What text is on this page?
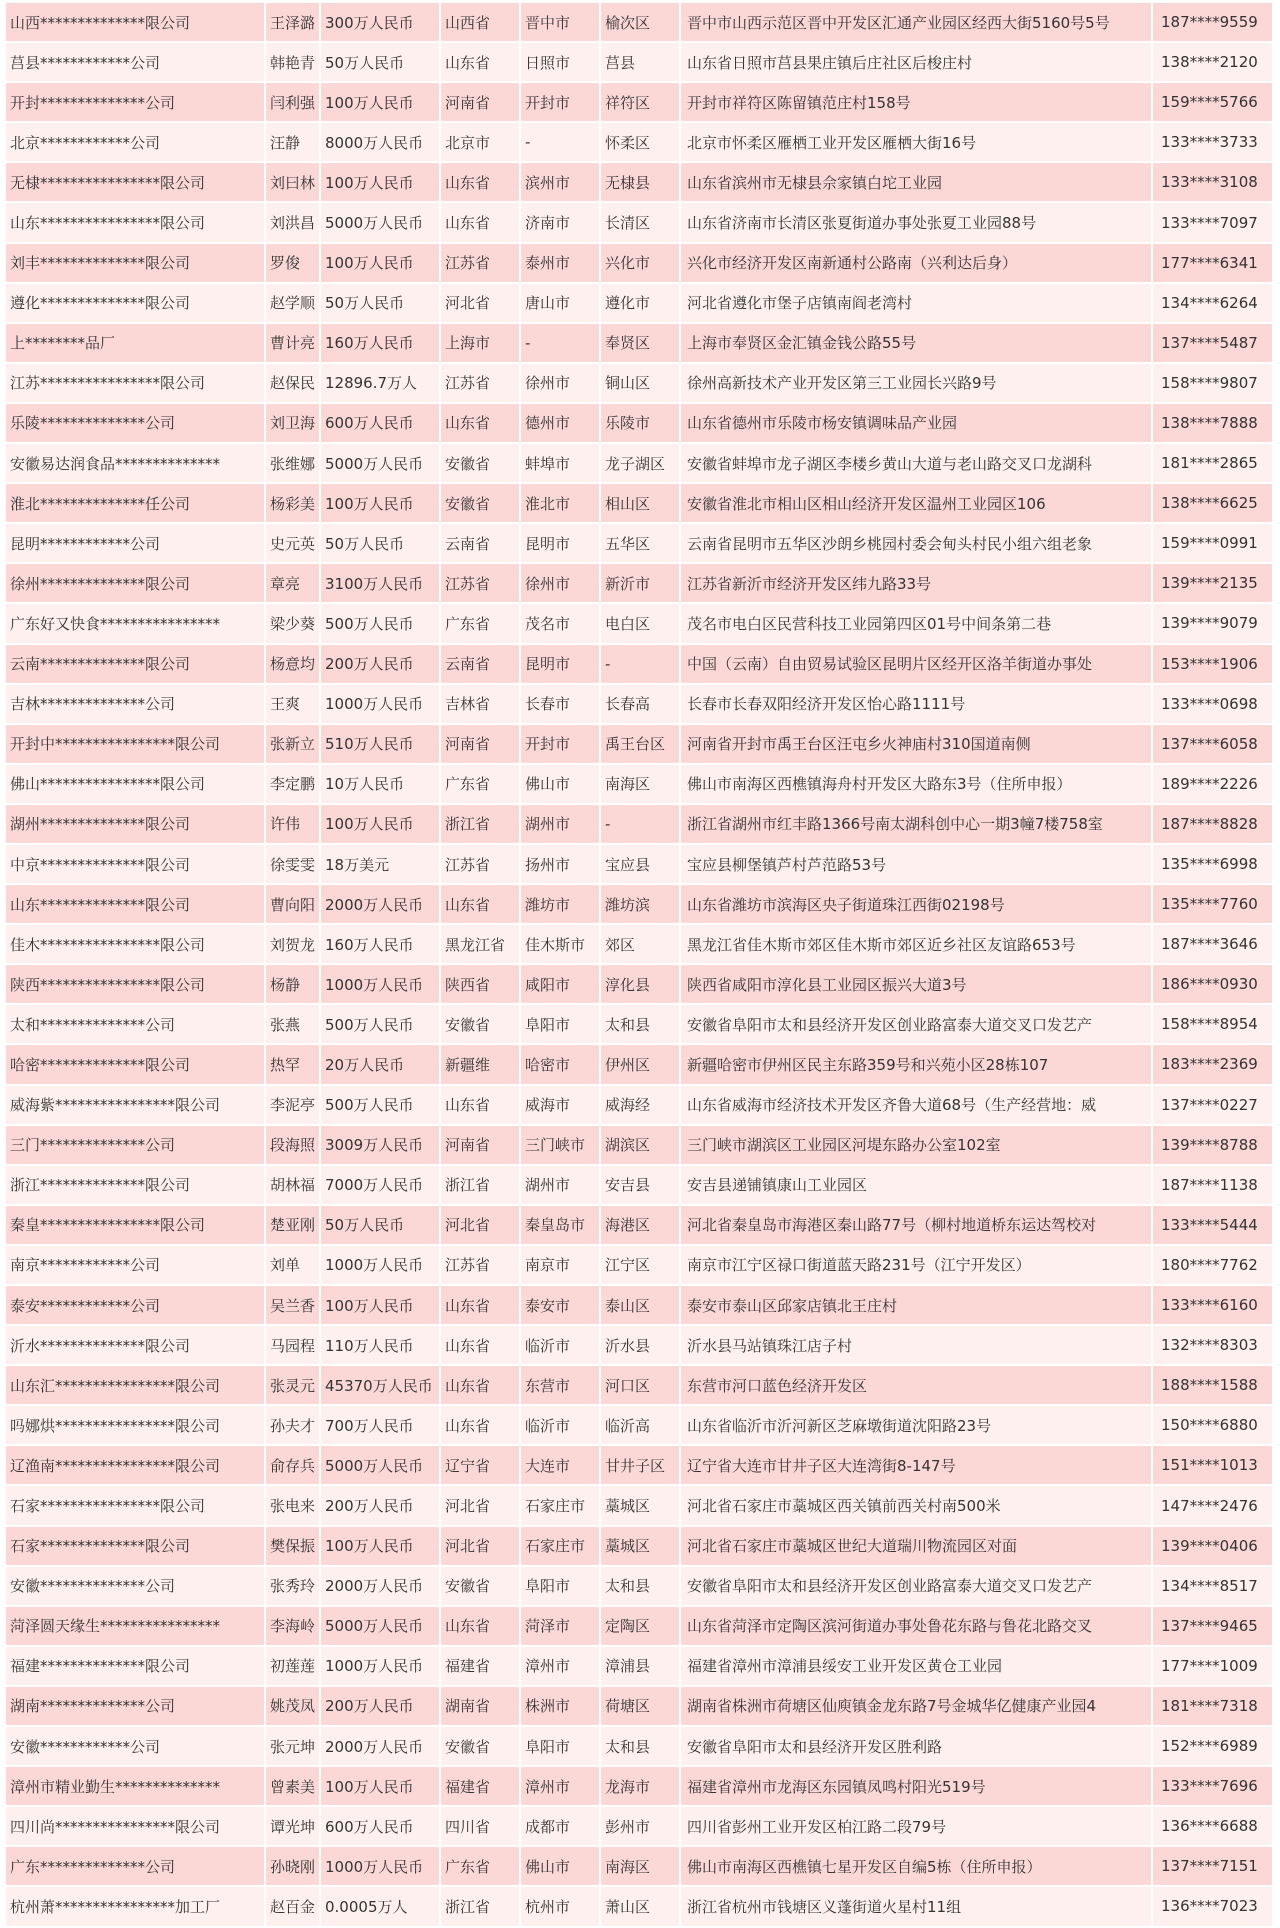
山西**************限公司	王泽潞	300万人民币	山西省	晋中市	榆次区	晋中市山西示范区晋中开发区汇通产业园区经西大街5160号5号	187****9559
莒县************公司	韩艳青	50万人民币	山东省	日照市	莒县	山东省日照市莒县果庄镇后庄社区后梭庄村	138****2120
开封**************公司	闫利强	100万人民币	河南省	开封市	祥符区	开封市祥符区陈留镇范庄村158号	159****5766
北京************公司	汪静	8000万人民币	北京市	-	怀柔区	北京市怀柔区雁栖工业开发区雁栖大街16号	133****3733
无棣****************限公司	刘曰林	100万人民币	山东省	滨州市	无棣县	山东省滨州市无棣县佘家镇白坨工业园	133****3108
山东****************限公司	刘洪昌	5000万人民币	山东省	济南市	长清区	山东省济南市长清区张夏街道办事处张夏工业园88号	133****7097
刘丰**************限公司	罗俊	100万人民币	江苏省	泰州市	兴化市	兴化市经济开发区南新通村公路南（兴利达后身）	177****6341
遵化**************限公司	赵学顺	50万人民币	河北省	唐山市	遵化市	河北省遵化市堡子店镇南阎老湾村	134****6264
上********品厂	曹计亮	160万人民币	上海市	-	奉贤区	上海市奉贤区金汇镇金钱公路55号	137****5487
江苏****************限公司	赵保民	12896.7万人	江苏省	徐州市	铜山区	徐州高新技术产业开发区第三工业园长兴路9号	158****9807
乐陵**************公司	刘卫海	600万人民币	山东省	德州市	乐陵市	山东省德州市乐陵市杨安镇调味品产业园	138****7888
安徽易达润食品**************	张维娜	5000万人民币	安徽省	蚌埠市	龙子湖区	安徽省蚌埠市龙子湖区李楼乡黄山大道与老山路交叉口龙湖科	181****2865
淮北**************任公司	杨彩美	100万人民币	安徽省	淮北市	相山区	安徽省淮北市相山区相山经济开发区温州工业园区106	138****6625
昆明************公司	史元英	50万人民币	云南省	昆明市	五华区	云南省昆明市五华区沙朗乡桃园村委会甸头村民小组六组老象	159****0991
徐州**************限公司	章亮	3100万人民币	江苏省	徐州市	新沂市	江苏省新沂市经济开发区纬九路33号	139****2135
广东好又快食****************	梁少葵	500万人民币	广东省	茂名市	电白区	茂名市电白区民营科技工业园第四区01号中间条第二巷	139****9079
云南**************限公司	杨意均	200万人民币	云南省	昆明市	-	中国（云南）自由贸易试验区昆明片区经开区洛羊街道办事处	153****1906
吉林**************公司	王爽	1000万人民币	吉林省	长春市	长春高	长春市长春双阳经济开发区怡心路1111号	133****0698
开封中****************限公司	张新立	510万人民币	河南省	开封市	禹王台区	河南省开封市禹王台区汪屯乡火神庙村310国道南侧	137****6058
佛山****************限公司	李定鹏	10万人民币	广东省	佛山市	南海区	佛山市南海区西樵镇海舟村开发区大路东3号（住所申报）	189****2226
湖州**************限公司	许伟	100万人民币	浙江省	湖州市	-	浙江省湖州市红丰路1366号南太湖科创中心一期3幢7楼758室	187****8828
中京**************限公司	徐雯雯	18万美元	江苏省	扬州市	宝应县	宝应县柳堡镇芦村芦范路53号	135****6998
山东**************限公司	曹向阳	2000万人民币	山东省	潍坊市	潍坊滨	山东省潍坊市滨海区央子街道珠江西街02198号	135****7760
佳木****************限公司	刘贺龙	160万人民币	黑龙江省	佳木斯市	郊区	黑龙江省佳木斯市郊区佳木斯市郊区近乡社区友谊路653号	187****3646
陕西****************限公司	杨静	1000万人民币	陕西省	咸阳市	淳化县	陕西省咸阳市淳化县工业园区振兴大道3号	186****0930
太和**************公司	张燕	500万人民币	安徽省	阜阳市	太和县	安徽省阜阳市太和县经济开发区创业路富泰大道交叉口发艺产	158****8954
哈密**************限公司	热罕	20万人民币	新疆维	哈密市	伊州区	新疆哈密市伊州区民主东路359号和兴苑小区28栋107	183****2369
威海紫****************限公司	李泥亭	500万人民币	山东省	威海市	威海经	山东省威海市经济技术开发区齐鲁大道68号（生产经营地：威	137****0227
三门**************公司	段海照	3009万人民币	河南省	三门峡市	湖滨区	三门峡市湖滨区工业园区河堤东路办公室102室	139****8788
浙江**************限公司	胡林福	7000万人民币	浙江省	湖州市	安吉县	安吉县递铺镇康山工业园区	187****1138
秦皇****************限公司	楚亚刚	50万人民币	河北省	秦皇岛市	海港区	河北省秦皇岛市海港区秦山路77号（柳村地道桥东运达驾校对	133****5444
南京************公司	刘单	1000万人民币	江苏省	南京市	江宁区	南京市江宁区禄口街道蓝天路231号（江宁开发区）	180****7762
泰安************公司	吴兰香	100万人民币	山东省	泰安市	泰山区	泰安市泰山区邱家店镇北王庄村	133****6160
沂水**************限公司	马园程	110万人民币	山东省	临沂市	沂水县	沂水县马站镇珠江店子村	132****8303
山东汇****************限公司	张灵元	45370万人民币	山东省	东营市	河口区	东营市河口蓝色经济开发区	188****1588
吗娜烘****************限公司	孙夫才	700万人民币	山东省	临沂市	临沂高	山东省临沂市沂河新区芝麻墩街道沈阳路23号	150****6880
辽渔南****************限公司	俞存兵	5000万人民币	辽宁省	大连市	甘井子区	辽宁省大连市甘井子区大连湾街8-147号	151****1013
石家****************限公司	张电来	200万人民币	河北省	石家庄市	藁城区	河北省石家庄市藁城区西关镇前西关村南500米	147****2476
石家**************限公司	樊保振	100万人民币	河北省	石家庄市	藁城区	河北省石家庄市藁城区世纪大道瑞川物流园区对面	139****0406
安徽**************公司	张秀玲	2000万人民币	安徽省	阜阳市	太和县	安徽省阜阳市太和县经济开发区创业路富泰大道交叉口发艺产	134****8517
菏泽圆天缘生****************	李海岭	5000万人民币	山东省	菏泽市	定陶区	山东省菏泽市定陶区滨河街道办事处鲁花东路与鲁花北路交叉	137****9465
福建**************限公司	初莲莲	1000万人民币	福建省	漳州市	漳浦县	福建省漳州市漳浦县绥安工业开发区黄仓工业园	177****1009
湖南**************公司	姚茂凤	200万人民币	湖南省	株洲市	荷塘区	湖南省株洲市荷塘区仙庾镇金龙东路7号金城华亿健康产业园4	181****7318
安徽************公司	张元坤	2000万人民币	安徽省	阜阳市	太和县	安徽省阜阳市太和县经济开发区胜利路	152****6989
漳州市精业勤生**************	曾素美	100万人民币	福建省	漳州市	龙海市	福建省漳州市龙海区东园镇凤鸣村阳光519号	133****7696
四川尚****************限公司	谭光坤	600万人民币	四川省	成都市	彭州市	四川省彭州工业开发区柏江路二段79号	136****6688
广东**************公司	孙晓刚	1000万人民币	广东省	佛山市	南海区	佛山市南海区西樵镇七星开发区自编5栋（住所申报）	137****7151
杭州萧****************加工厂	赵百金	0.0005万人	浙江省	杭州市	萧山区	浙江省杭州市钱塘区义蓬街道火星村11组	136****7023
